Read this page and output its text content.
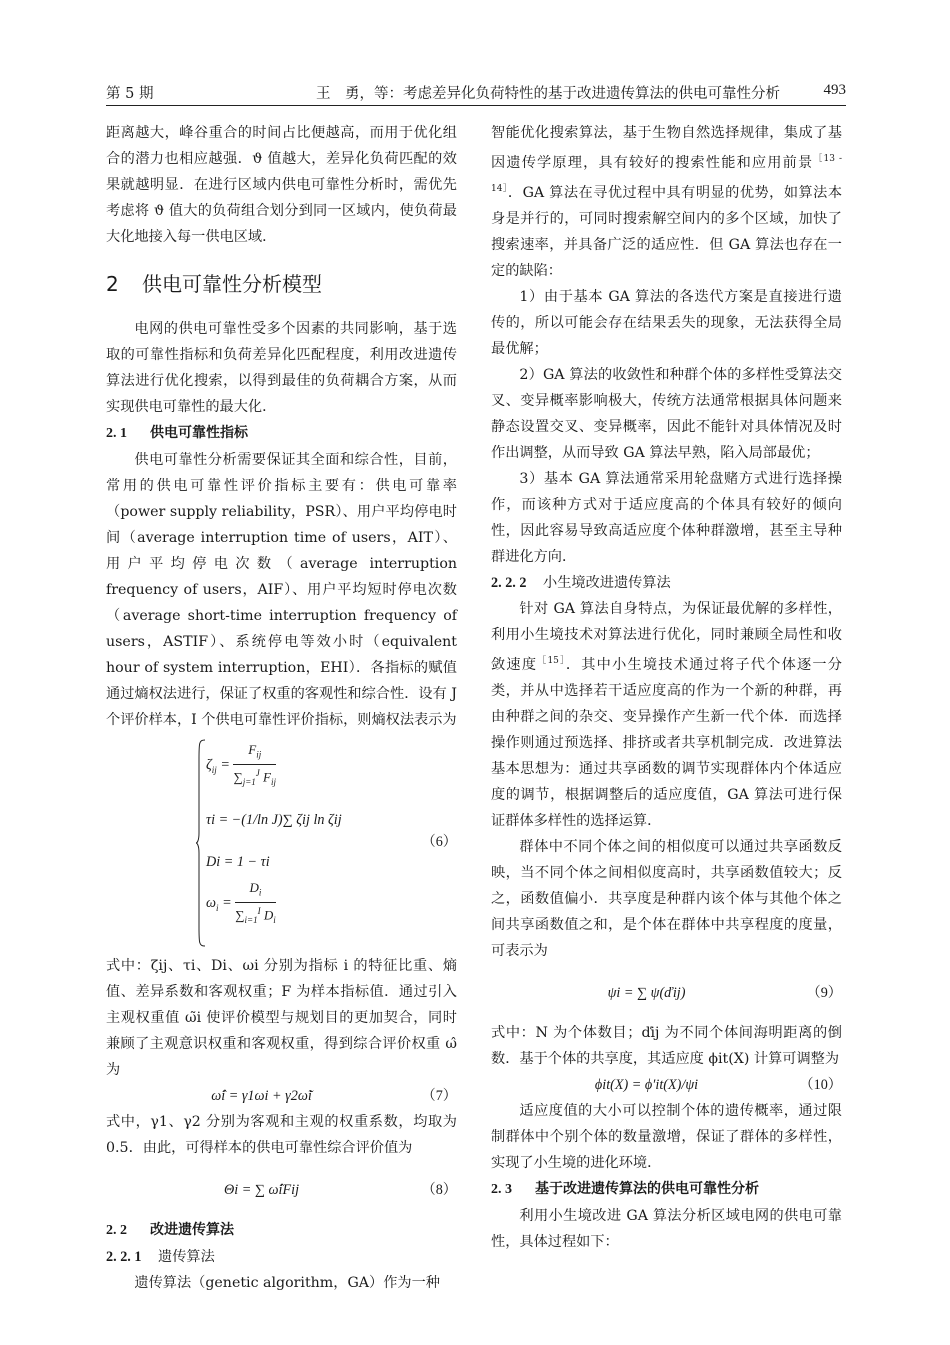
第 5 期	王　勇，等：考虑差异化负荷特性的基于改进遗传算法的供电可靠性分析	493

距离越大，峰谷重合的时间占比便越高，而用于优化组合的潜力也相应越强．ϑ 值越大，差异化负荷匹配的效果就越明显．在进行区域内供电可靠性分析时，需优先考虑将 ϑ 值大的负荷组合划分到同一区域内，使负荷最大化地接入每一供电区域．

2 供电可靠性分析模型

电网的供电可靠性受多个因素的共同影响，基于选取的可靠性指标和负荷差异化匹配程度，利用改进遗传算法进行优化搜索，以得到最佳的负荷耦合方案，从而实现供电可靠性的最大化．

2. 1 供电可靠性指标

供电可靠性分析需要保证其全面和综合性，目前，常用的供电可靠性评价指标主要有：供电可靠率（power supply reliability，PSR）、用户平均停电时间（average interruption time of users，AIT）、用户平均停电次数（average interruption frequency of users，AIF）、用户平均短时停电次数（average short-time interruption frequency of users，ASTIF）、系统停电等效小时（equivalent hour of system interruption，EHI）．各指标的赋值通过熵权法进行，保证了权重的客观性和综合性．设有 J 个评价样本，I 个供电可靠性评价指标，则熵权法表示为

$\zeta_{ij}$ =
$F_{ij}$
$\sum_{j=1}^J$ $F_{ij}$
τi = −(1/ln J)∑ ζij ln ζij
Di = 1 − τi
$\omega_i = \frac{D_i}{\sum_{i=1}^I D_i}$
（6）

式中：ζij、τi、Di、ωi 分别为指标 i 的特征比重、熵值、差异系数和客观权重；F 为样本指标值．通过引入主观权重值 ω̃i 使评价模型与规划目的更加契合，同时兼顾了主观意识权重和客观权重，得到综合评价权重 ω̂ 为

ω̂i = γ1ωi + γ2ω̃i	（7）

式中，γ1、γ2 分别为客观和主观的权重系数，均取为 0.5．由此，可得样本的供电可靠性综合评价值为

Θi = ∑ ω̂iFij	（8）
2. 2 改进遗传算法
2. 2. 1 遗传算法

遗传算法（genetic algorithm，GA）作为一种

智能优化搜索算法，基于生物自然选择规律，集成了基因遗传学原理，具有较好的搜索性能和应用前景$^{[13 - 14]}$．GA 算法在寻优过程中具有明显的优势，如算法本身是并行的，可同时搜索解空间内的多个区域，加快了搜索速率，并具备广泛的适应性．但 GA 算法也存在一定的缺陷：

1）由于基本 GA 算法的各迭代方案是直接进行遗传的，所以可能会存在结果丢失的现象，无法获得全局最优解；

2）GA 算法的收敛性和种群个体的多样性受算法交叉、变异概率影响极大，传统方法通常根据具体问题来静态设置交叉、变异概率，因此不能针对具体情况及时作出调整，从而导致 GA 算法早熟，陷入局部最优；

3）基本 GA 算法通常采用轮盘赌方式进行选择操作，而该种方式对于适应度高的个体具有较好的倾向性，因此容易导致高适应度个体种群激增，甚至主导种群进化方向．

2. 2. 2 小生境改进遗传算法

针对 GA 算法自身特点，为保证最优解的多样性，利用小生境技术对算法进行优化，同时兼顾全局性和收敛速度$^{[15]}$．其中小生境技术通过将子代个体逐一分类，并从中选择若干适应度高的作为一个新的种群，再由种群之间的杂交、变异操作产生新一代个体．而选择操作则通过预选择、排挤或者共享机制完成．改进算法基本思想为：通过共享函数的调节实现群体内个体适应度的调节，根据调整后的适应度值，GA 算法可进行保证群体多样性的选择运算．

群体中不同个体之间的相似度可以通过共享函数反映，当不同个体之间相似度高时，共享函数值较大；反之，函数值偏小．共享度是种群内该个体与其他个体之间共享函数值之和，是个体在群体中共享程度的度量，可表示为

ψi = ∑ ψ(ďij)	（9）

式中：N 为个体数目；ďij 为不同个体间海明距离的倒数．基于个体的共享度，其适应度 ϕit(X) 计算可调整为

ϕit(X) = ϕ′it(X)/ψi	（10）

适应度值的大小可以控制个体的遗传概率，通过限制群体中个别个体的数量激增，保证了群体的多样性，实现了小生境的进化环境．

2. 3 基于改进遗传算法的供电可靠性分析

利用小生境改进 GA 算法分析区域电网的供电可靠性，具体过程如下：
